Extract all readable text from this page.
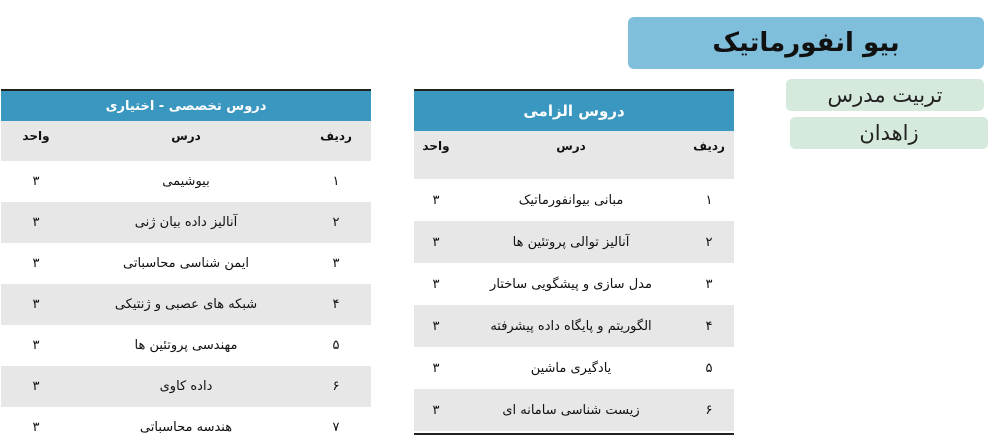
بیو انفورماتیک
تربیت مدرس
زاهدان
دروس الزامی
ردیف
درس
واحد
۱
مبانی بیوانفورماتیک
۳
۲
آنالیز توالی پروتئین ها
۳
۳
مدل سازی و پیشگویی ساختار
۳
۴
الگوریتم و پایگاه داده پیشرفته
۳
۵
یادگیری ماشین
۳
۶
زیست شناسی سامانه ای
۳
دروس تخصصی - اختیاری
ردیف
درس
واحد
۱
بیوشیمی
۳
۲
آنالیز داده بیان ژنی
۳
۳
ایمن شناسی محاسباتی
۳
۴
شبکه های عصبی و ژنتیکی
۳
۵
مهندسی پروتئین ها
۳
۶
داده کاوی
۳
۷
هندسه محاسباتی
۳
